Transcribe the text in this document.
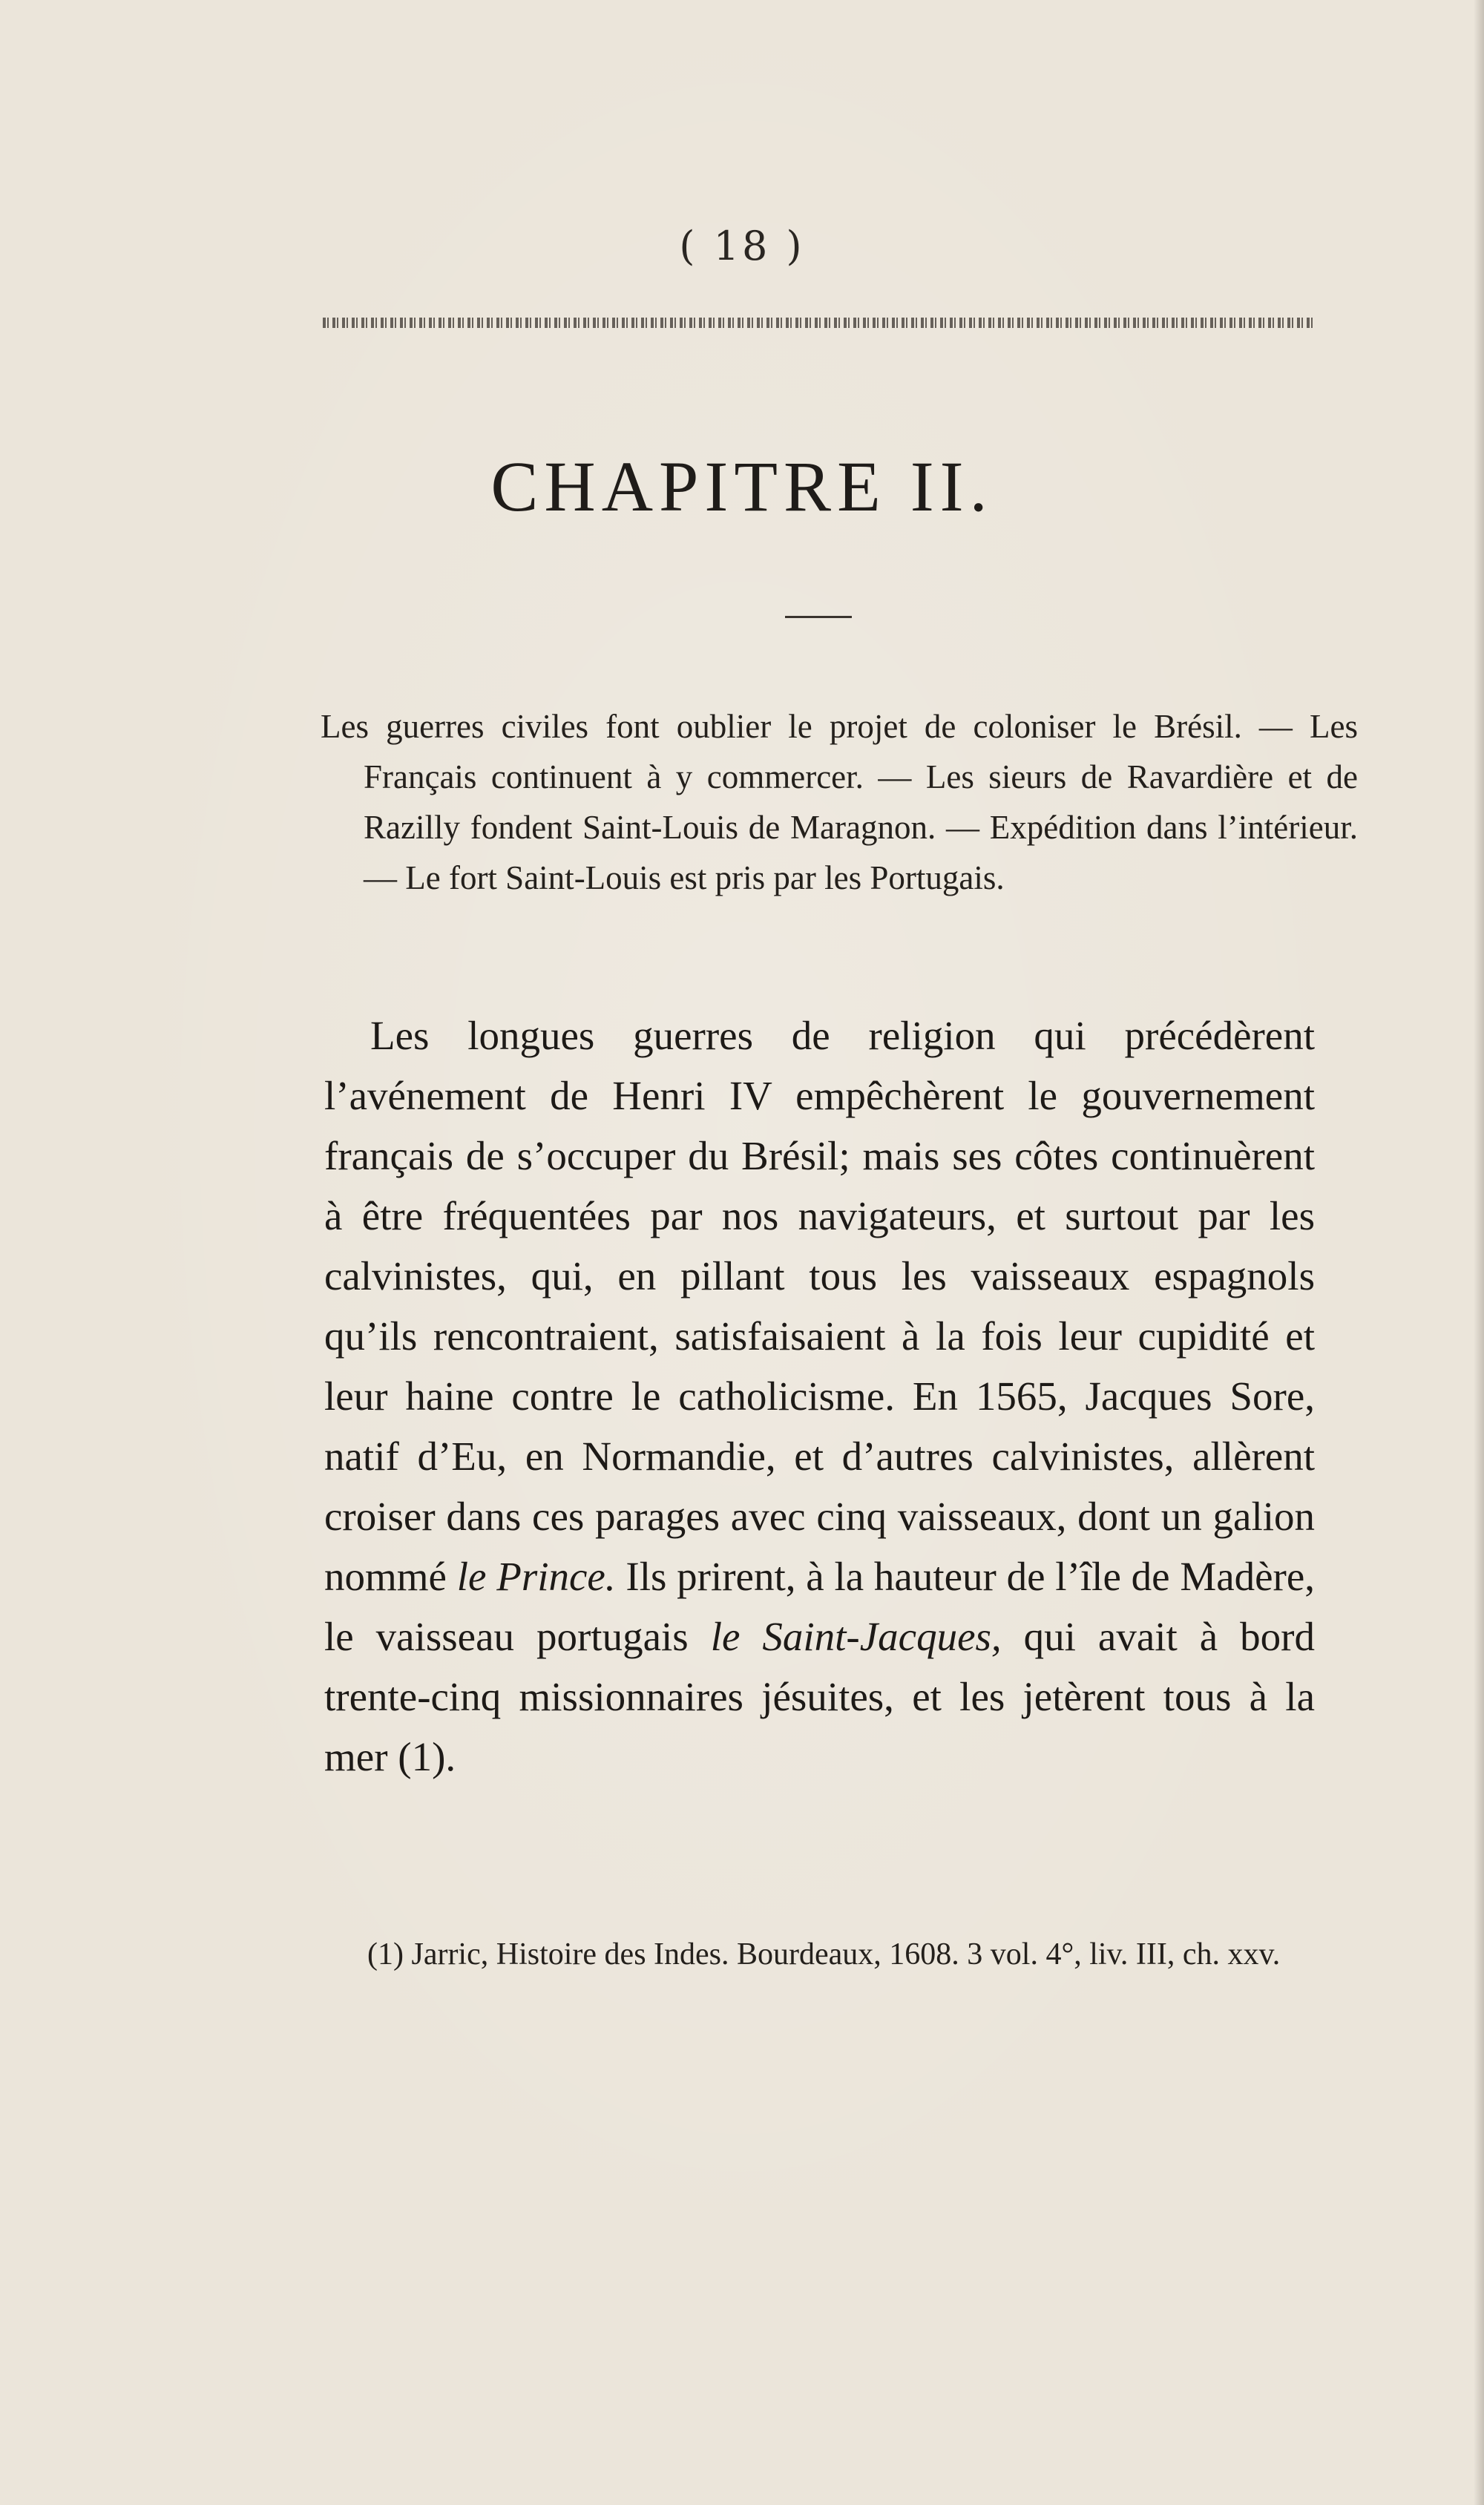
( 18 )
CHAPITRE II.

Les guerres civiles font oublier le projet de coloniser le Brésil. — Les Français continuent à y commercer. — Les sieurs de Ravardière et de Razilly fondent Saint-Louis de Maragnon. — Expédition dans l’intérieur. — Le fort Saint-Louis est pris par les Portugais.

Les longues guerres de religion qui précédèrent l’avénement de Henri IV empêchèrent le gouvernement français de s’occuper du Brésil; mais ses côtes continuèrent à être fréquentées par nos navigateurs, et surtout par les calvinistes, qui, en pillant tous les vaisseaux espagnols qu’ils rencontraient, satisfaisaient à la fois leur cupidité et leur haine contre le catholicisme. En 1565, Jacques Sore, natif d’Eu, en Normandie, et d’autres calvinistes, allèrent croiser dans ces parages avec cinq vaisseaux, dont un galion nommé le Prince. Ils prirent, à la hauteur de l’île de Madère, le vaisseau portugais le Saint-Jacques, qui avait à bord trente-cinq missionnaires jésuites, et les jetèrent tous à la mer (1).

(1) Jarric, Histoire des Indes. Bourdeaux, 1608. 3 vol. 4°, liv. III, ch. xxv.
